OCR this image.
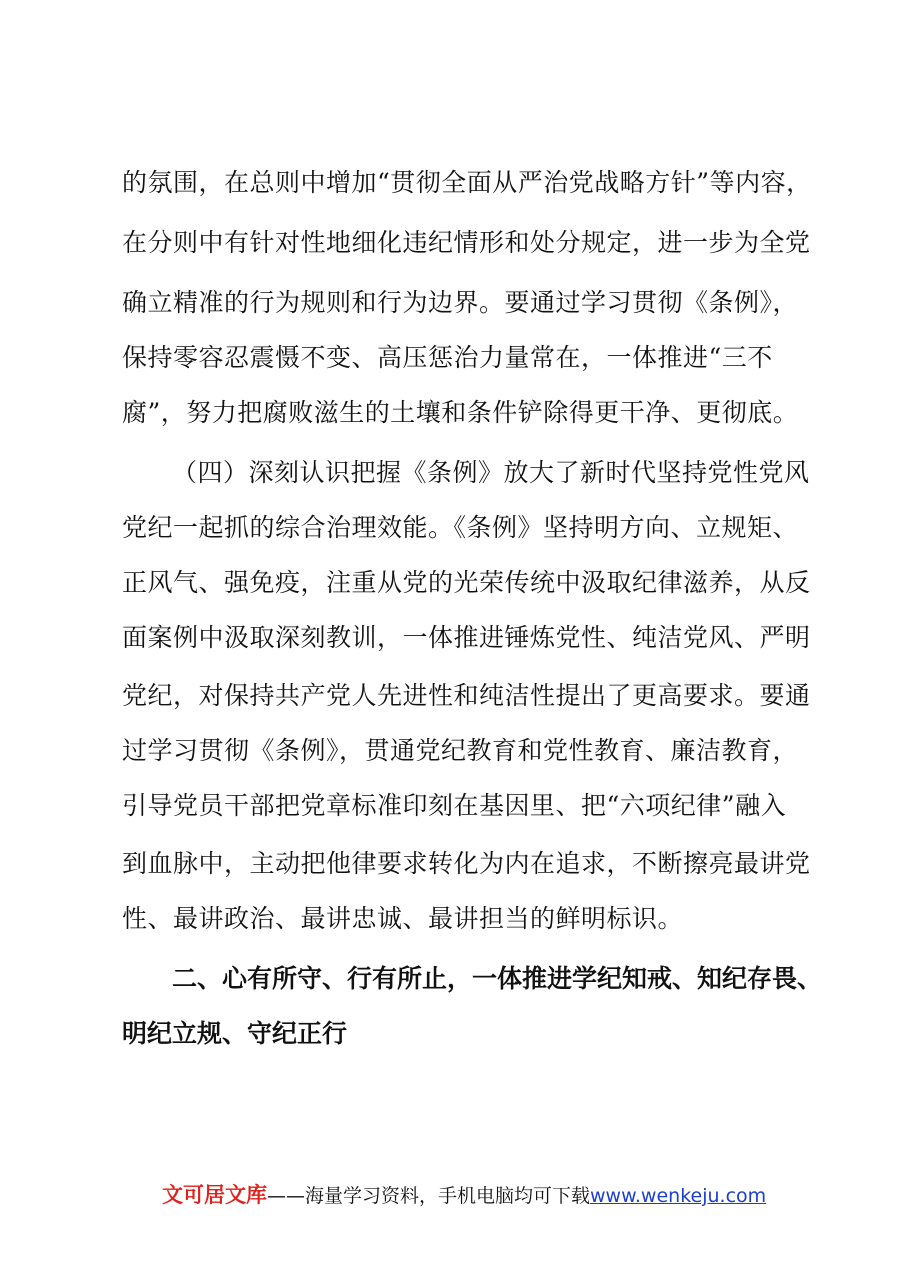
的氛围，在总则中增加“贯彻全面从严治党战略方针”等内容，
在分则中有针对性地细化违纪情形和处分规定，进一步为全党
确立精准的行为规则和行为边界。要通过学习贯彻《条例》，
保持零容忍震慑不变、高压惩治力量常在，一体推进“三不
腐”，努力把腐败滋生的土壤和条件铲除得更干净、更彻底。
（四）深刻认识把握《条例》放大了新时代坚持党性党风
党纪一起抓的综合治理效能。《条例》坚持明方向、立规矩、
正风气、强免疫，注重从党的光荣传统中汲取纪律滋养，从反
面案例中汲取深刻教训，一体推进锤炼党性、纯洁党风、严明
党纪，对保持共产党人先进性和纯洁性提出了更高要求。要通
过学习贯彻《条例》，贯通党纪教育和党性教育、廉洁教育，
引导党员干部把党章标准印刻在基因里、把“六项纪律”融入
到血脉中，主动把他律要求转化为内在追求，不断擦亮最讲党
性、最讲政治、最讲忠诚、最讲担当的鲜明标识。
二、心有所守、行有所止，一体推进学纪知戒、知纪存畏、
明纪立规、守纪正行
文可居文库——海量学习资料，手机电脑均可下载www.wenkeju.com
